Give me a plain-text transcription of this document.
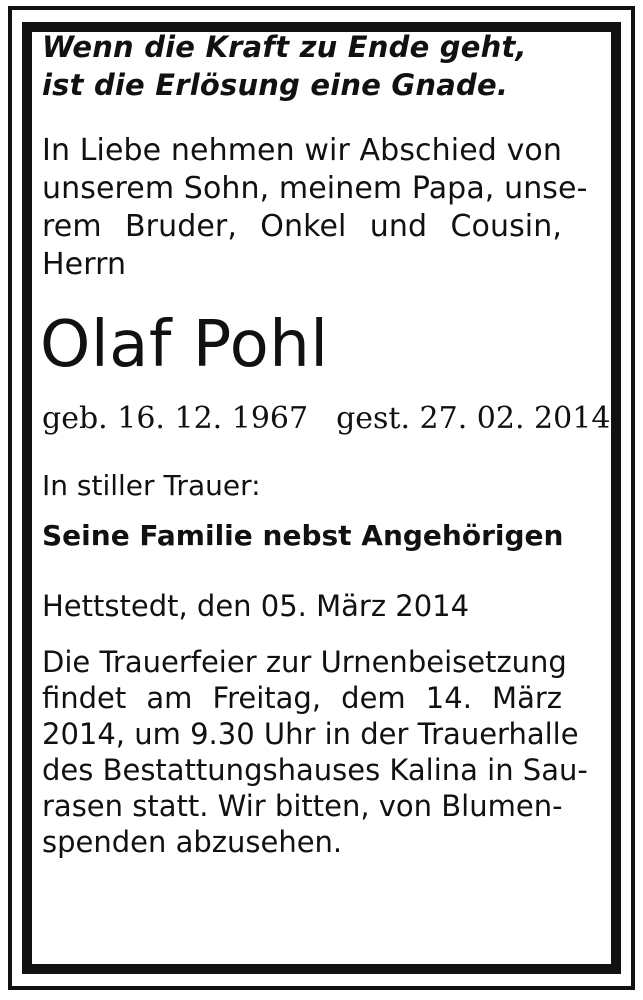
Wenn die Kraft zu Ende geht,
ist die Erlösung eine Gnade.

In Liebe nehmen wir Abschied von
unserem Sohn, meinem Papa, unse-
rem Bruder, Onkel und Cousin,
Herrn

Olaf Pohl

geb. 16. 12. 1967 gest. 27. 02. 2014

In stiller Trauer:

Seine Familie nebst Angehörigen

Hettstedt, den 05. März 2014

Die Trauerfeier zur Urnenbeisetzung
findet am Freitag, dem 14. März
2014, um 9.30 Uhr in der Trauerhalle
des Bestattungshauses Kalina in Sau-
rasen statt. Wir bitten, von Blumen-
spenden abzusehen.
